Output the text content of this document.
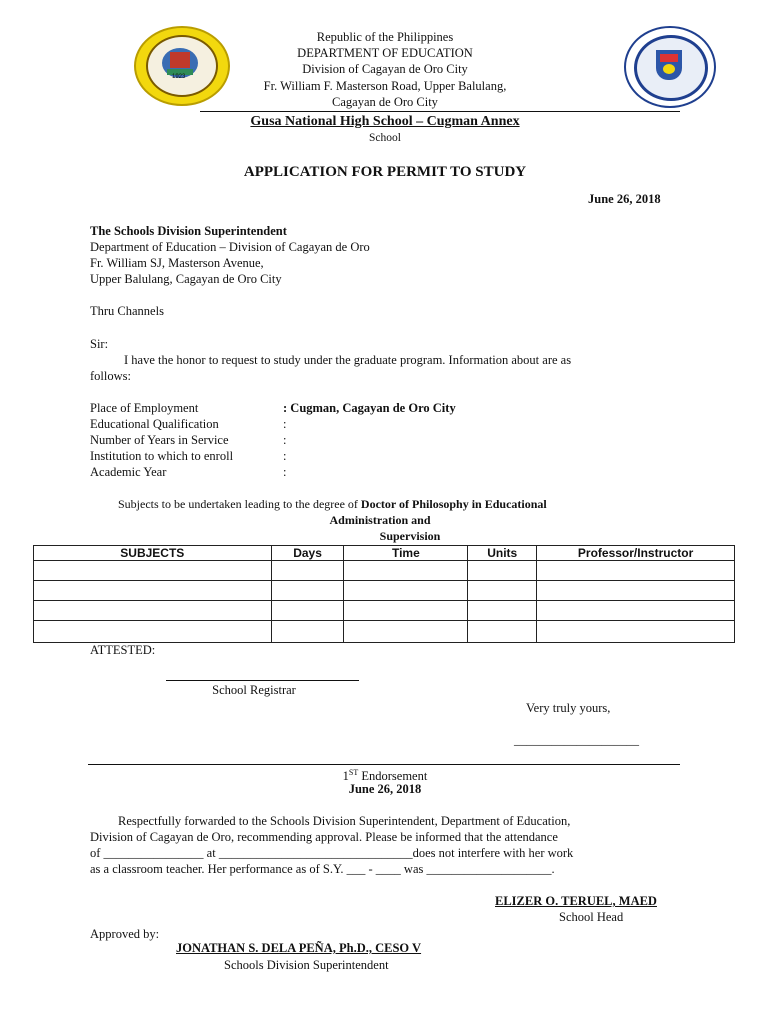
1923
Republic of the Philippines
DEPARTMENT OF EDUCATION
Division of Cagayan de Oro City
Fr. William F. Masterson Road, Upper Balulang,
Cagayan de Oro City
Gusa National High School – Cugman Annex
School
APPLICATION FOR PERMIT TO STUDY
June 26, 2018
The Schools Division Superintendent
Department of Education – Division of Cagayan de Oro
Fr. William SJ, Masterson Avenue,
Upper Balulang, Cagayan de Oro City
Thru Channels
Sir:
I have the honor to request to study under the graduate program. Information about are as
follows:
Place of Employment	: Cugman, Cagayan de Oro City
Educational Qualification	:
Number of Years in Service	:
Institution to which to enroll	:
Academic Year	:
Subjects to be undertaken leading to the degree of Doctor of Philosophy in Educational
Administration and
Supervision
SUBJECTS	Days	Time	Units	Professor/Instructor

ATTESTED:
School Registrar
Very truly yours,
____________________
1ST Endorsement
June 26, 2018
Respectfully forwarded to the Schools Division Superintendent, Department of Education,
Division of Cagayan de Oro, recommending approval. Please be informed that the attendance
of ________________ at _______________________________does not interfere with her work
as a classroom teacher. Her performance as of S.Y. ___ - ____ was ____________________.
ELIZER O. TERUEL, MAED
School Head
Approved by:
JONATHAN S. DELA PEÑA, Ph.D., CESO V
Schools Division Superintendent
